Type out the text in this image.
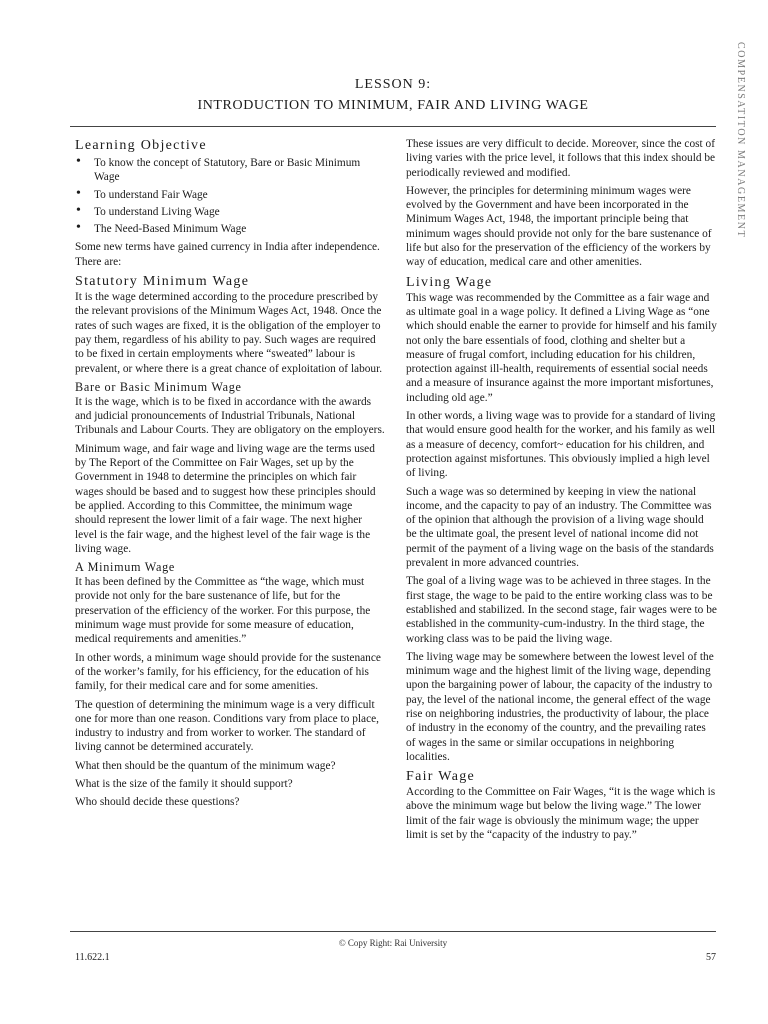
COMPENSATITON MANAGEMENT
LESSON 9:
INTRODUCTION TO MINIMUM, FAIR AND LIVING WAGE
Learning Objective
• To know the concept of Statutory, Bare or Basic Minimum Wage
• To understand Fair Wage
• To understand Living Wage
• The Need-Based Minimum Wage

Some new terms have gained currency in India after independence. There are:

Statutory Minimum Wage

It is the wage determined according to the procedure prescribed by the relevant provisions of the Minimum Wages Act, 1948. Once the rates of such wages are fixed, it is the obligation of the employer to pay them, regardless of his ability to pay. Such wages are required to be fixed in certain employments where “sweated” labour is prevalent, or where there is a great chance of exploitation of labour.

Bare or Basic Minimum Wage

It is the wage, which is to be fixed in accordance with the awards and judicial pronouncements of Industrial Tribunals, National Tribunals and Labour Courts. They are obligatory on the employers.

Minimum wage, and fair wage and living wage are the terms used by The Report of the Committee on Fair Wages, set up by the Government in 1948 to determine the principles on which fair wages should be based and to suggest how these principles should be applied. According to this Committee, the minimum wage should represent the lower limit of a fair wage. The next higher level is the fair wage, and the highest level of the fair wage is the living wage.

A Minimum Wage

It has been defined by the Committee as “the wage, which must provide not only for the bare sustenance of life, but for the preservation of the efficiency of the worker. For this purpose, the minimum wage must provide for some measure of education, medical requirements and amenities.”

In other words, a minimum wage should provide for the sustenance of the worker’s family, for his efficiency, for the education of his family, for their medical care and for some amenities.

The question of determining the minimum wage is a very difficult one for more than one reason. Conditions vary from place to place, industry to industry and from worker to worker. The standard of living cannot be determined accurately.

What then should be the quantum of the minimum wage?

What is the size of the family it should support?

Who should decide these questions?

These issues are very difficult to decide. Moreover, since the cost of living varies with the price level, it follows that this index should be periodically reviewed and modified.

However, the principles for determining minimum wages were evolved by the Government and have been incorporated in the Minimum Wages Act, 1948, the important principle being that minimum wages should provide not only for the bare sustenance of life but also for the preservation of the efficiency of the workers by way of education, medical care and other amenities.

Living Wage

This wage was recommended by the Committee as a fair wage and as ultimate goal in a wage policy. It defined a Living Wage as “one which should enable the earner to provide for himself and his family not only the bare essentials of food, clothing and shelter but a measure of frugal comfort, including education for his children, protection against ill-health, requirements of essential social needs and a measure of insurance against the more important misfortunes, including old age.”

In other words, a living wage was to provide for a standard of living that would ensure good health for the worker, and his family as well as a measure of decency, comfort~ education for his children, and protection against misfortunes. This obviously implied a high level of living.

Such a wage was so determined by keeping in view the national income, and the capacity to pay of an industry. The Committee was of the opinion that although the provision of a living wage should be the ultimate goal, the present level of national income did not permit of the payment of a living wage on the basis of the standards prevalent in more advanced countries.

The goal of a living wage was to be achieved in three stages. In the first stage, the wage to be paid to the entire working class was to be established and stabilized. In the second stage, fair wages were to be established in the community-cum-industry. In the third stage, the working class was to be paid the living wage.

The living wage may be somewhere between the lowest level of the minimum wage and the highest limit of the living wage, depending upon the bargaining power of labour, the capacity of the industry to pay, the level of the national income, the general effect of the wage rise on neighboring industries, the productivity of labour, the place of industry in the economy of the country, and the prevailing rates of wages in the same or similar occupations in neighboring localities.

Fair Wage

According to the Committee on Fair Wages, “it is the wage which is above the minimum wage but below the living wage.” The lower limit of the fair wage is obviously the minimum wage; the upper limit is set by the “capacity of the industry to pay.”

© Copy Right: Rai University
11.622.1	57
